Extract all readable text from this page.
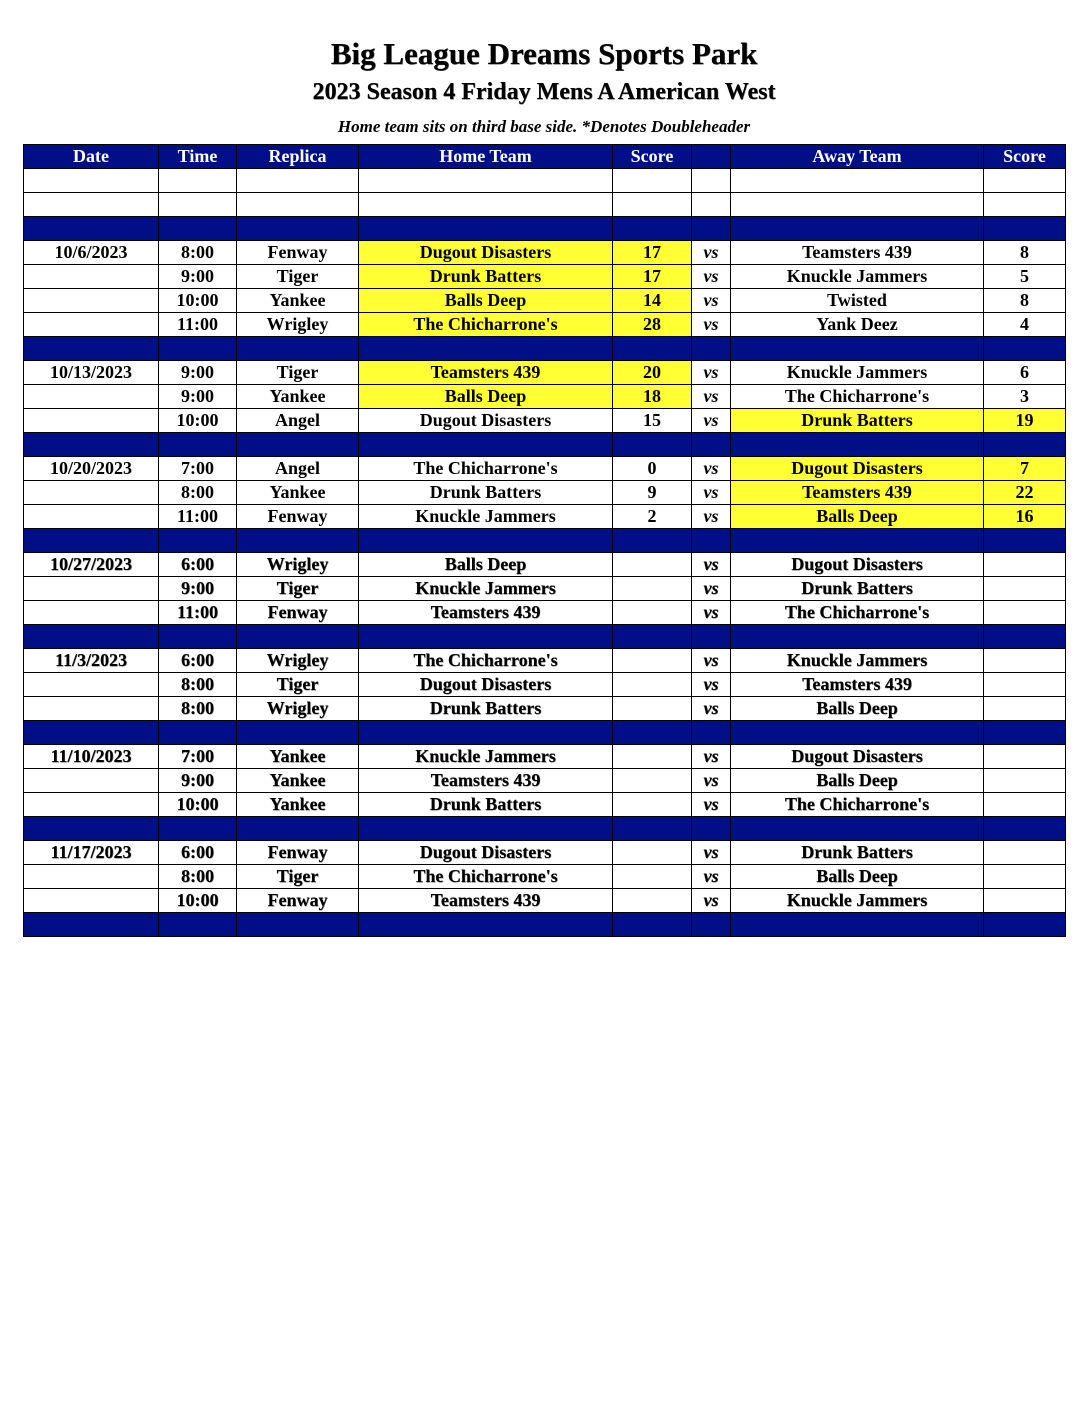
Big League Dreams Sports Park
2023 Season 4 Friday Mens A American West
Home team sits on third base side. *Denotes Doubleheader
Date	Time	Replica	Home Team	Score		Away Team	Score

10/6/2023	8:00	Fenway	Dugout Disasters	17	vs	Teamsters 439	8
	9:00	Tiger	Drunk Batters	17	vs	Knuckle Jammers	5
	10:00	Yankee	Balls Deep	14	vs	Twisted	8
	11:00	Wrigley	The Chicharrone's	28	vs	Yank Deez	4

10/13/2023	9:00	Tiger	Teamsters 439	20	vs	Knuckle Jammers	6
	9:00	Yankee	Balls Deep	18	vs	The Chicharrone's	3
	10:00	Angel	Dugout Disasters	15	vs	Drunk Batters	19

10/20/2023	7:00	Angel	The Chicharrone's	0	vs	Dugout Disasters	7
	8:00	Yankee	Drunk Batters	9	vs	Teamsters 439	22
	11:00	Fenway	Knuckle Jammers	2	vs	Balls Deep	16

10/27/2023	6:00	Wrigley	Balls Deep		vs	Dugout Disasters	
	9:00	Tiger	Knuckle Jammers		vs	Drunk Batters	
	11:00	Fenway	Teamsters 439		vs	The Chicharrone's	

11/3/2023	6:00	Wrigley	The Chicharrone's		vs	Knuckle Jammers	
	8:00	Tiger	Dugout Disasters		vs	Teamsters 439	
	8:00	Wrigley	Drunk Batters		vs	Balls Deep	

11/10/2023	7:00	Yankee	Knuckle Jammers		vs	Dugout Disasters	
	9:00	Yankee	Teamsters 439		vs	Balls Deep	
	10:00	Yankee	Drunk Batters		vs	The Chicharrone's	

11/17/2023	6:00	Fenway	Dugout Disasters		vs	Drunk Batters	
	8:00	Tiger	The Chicharrone's		vs	Balls Deep	
	10:00	Fenway	Teamsters 439		vs	Knuckle Jammers	
